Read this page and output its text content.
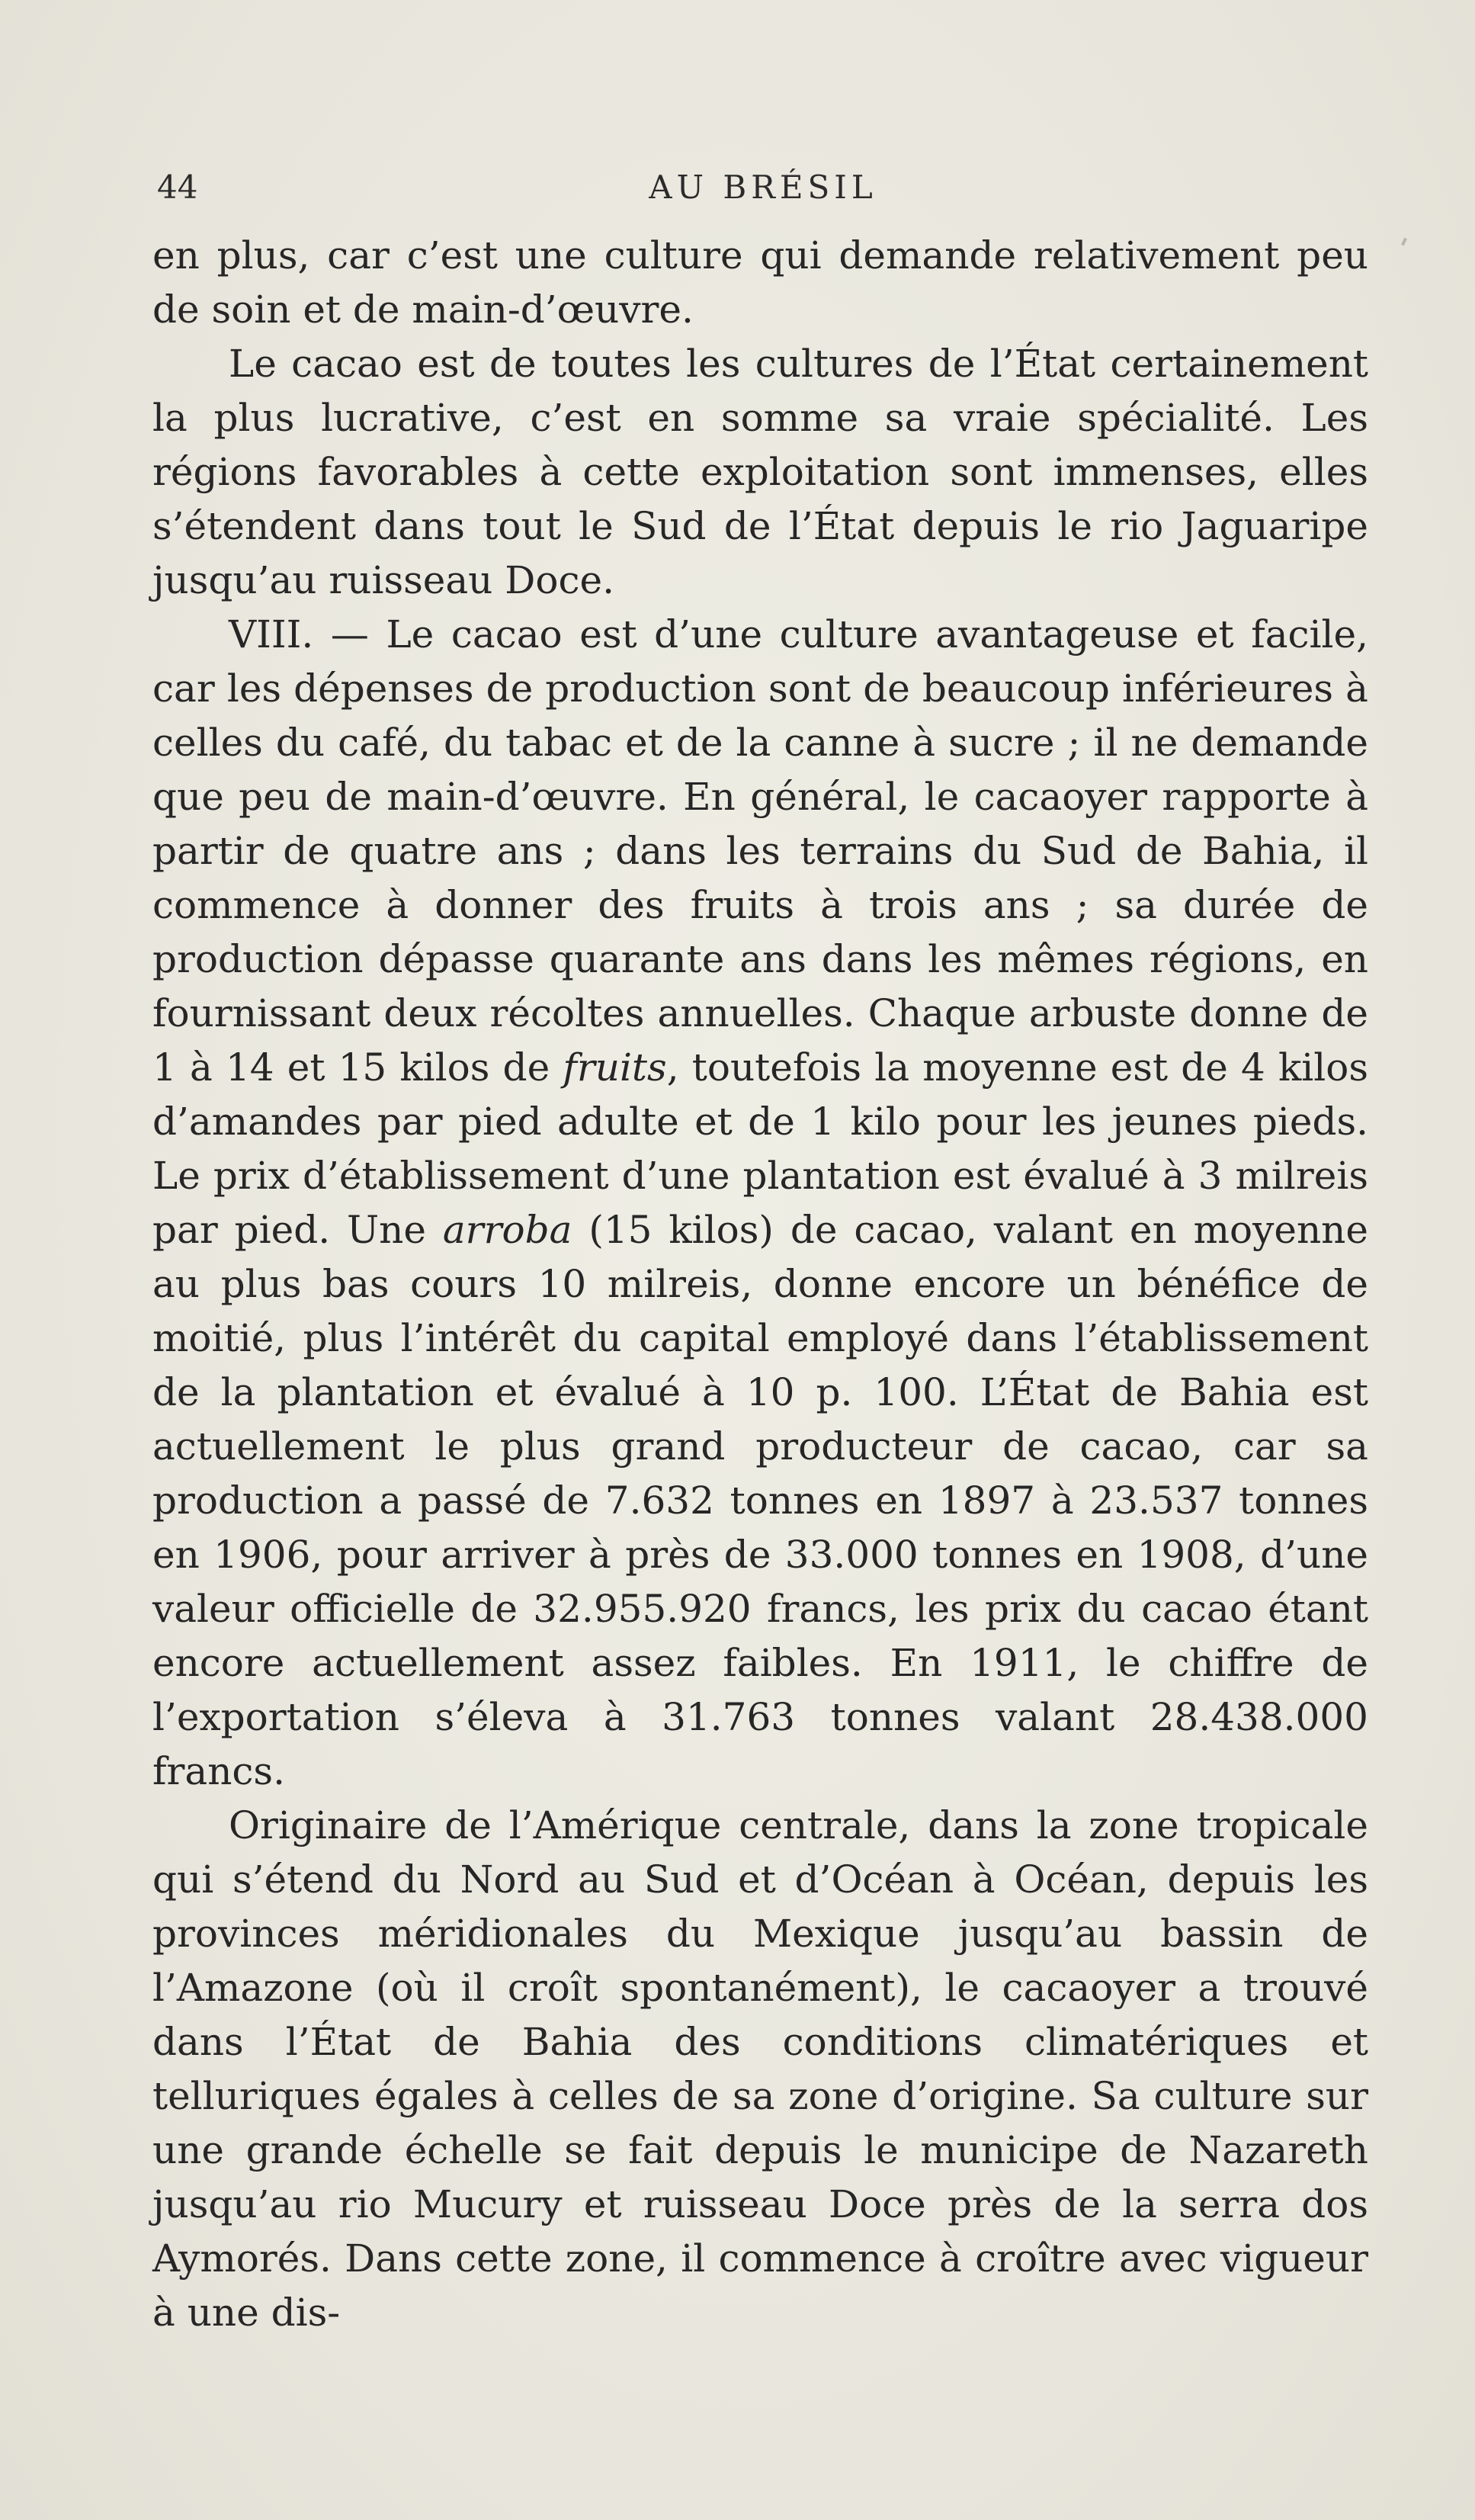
44	AU BRÉSIL

en plus, car c’est une culture qui demande relativement peu de soin et de main-d’œuvre.

Le cacao est de toutes les cultures de l’État certainement la plus lucrative, c’est en somme sa vraie spécialité. Les régions favorables à cette exploitation sont immenses, elles s’étendent dans tout le Sud de l’État depuis le rio Jaguaripe jusqu’au ruisseau Doce.

VIII. — Le cacao est d’une culture avantageuse et facile, car les dépenses de production sont de beaucoup inférieures à celles du café, du tabac et de la canne à sucre ; il ne demande que peu de main-d’œuvre. En général, le cacaoyer rapporte à partir de quatre ans ; dans les terrains du Sud de Bahia, il commence à donner des fruits à trois ans ; sa durée de production dépasse quarante ans dans les mêmes régions, en fournissant deux récoltes annuelles. Chaque arbuste donne de 1 à 14 et 15 kilos de fruits, toutefois la moyenne est de 4 kilos d’amandes par pied adulte et de 1 kilo pour les jeunes pieds. Le prix d’établissement d’une plantation est évalué à 3 milreis par pied. Une arroba (15 kilos) de cacao, valant en moyenne au plus bas cours 10 milreis, donne encore un bénéfice de moitié, plus l’intérêt du capital employé dans l’établissement de la plantation et évalué à 10 p. 100. L’État de Bahia est actuellement le plus grand producteur de cacao, car sa production a passé de 7.632 tonnes en 1897 à 23.537 tonnes en 1906, pour arriver à près de 33.000 tonnes en 1908, d’une valeur officielle de 32.955.920 francs, les prix du cacao étant encore actuellement assez faibles. En 1911, le chiffre de l’exportation s’éleva à 31.763 tonnes valant 28.438.000 francs.

Originaire de l’Amérique centrale, dans la zone tropicale qui s’étend du Nord au Sud et d’Océan à Océan, depuis les provinces méridionales du Mexique jusqu’au bassin de l’Amazone (où il croît spontanément), le cacaoyer a trouvé dans l’État de Bahia des conditions climatériques et telluriques égales à celles de sa zone d’origine. Sa culture sur une grande échelle se fait depuis le municipe de Nazareth jusqu’au rio Mucury et ruisseau Doce près de la serra dos Aymorés. Dans cette zone, il commence à croître avec vigueur à une dis-
